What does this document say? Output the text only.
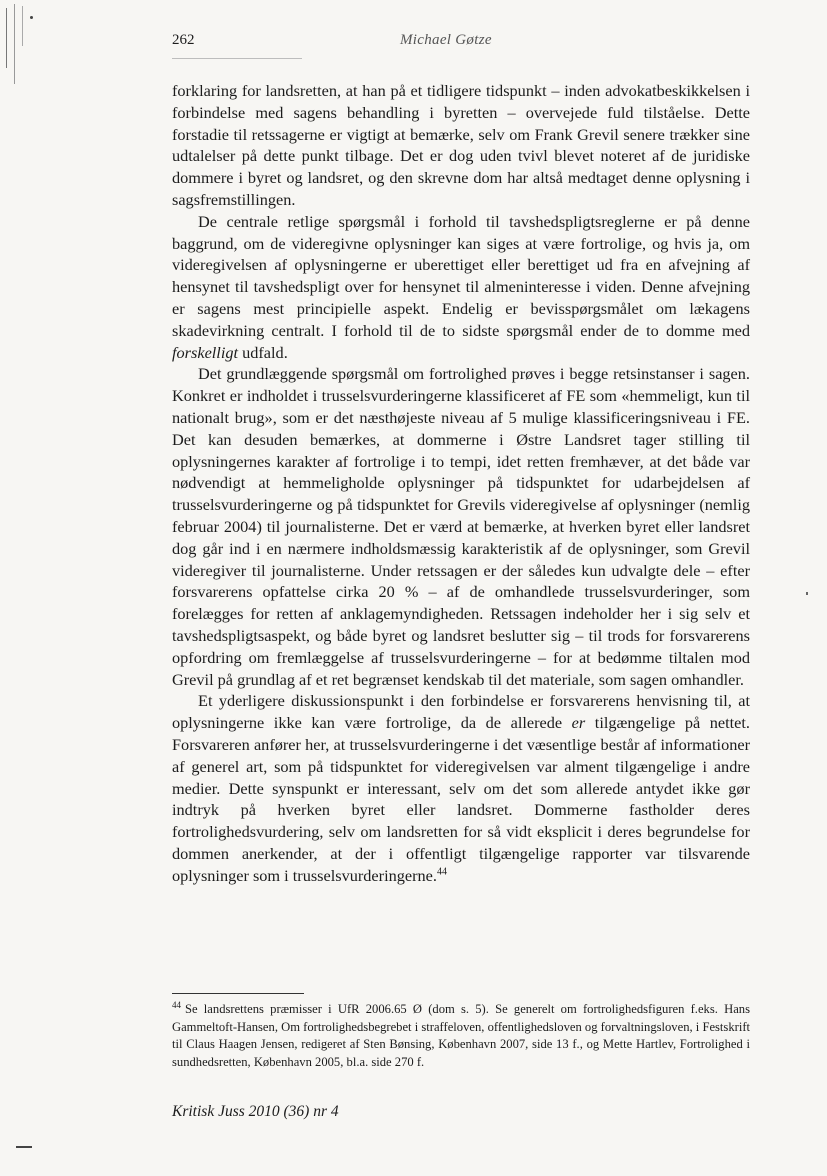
262	Michael Gøtze

forklaring for landsretten, at han på et tidligere tidspunkt – inden advokatbeskikkelsen i forbindelse med sagens behandling i byretten – overvejede fuld tilståelse. Dette forstadie til retssagerne er vigtigt at bemærke, selv om Frank Grevil senere trækker sine udtalelser på dette punkt tilbage. Det er dog uden tvivl blevet noteret af de juridiske dommere i byret og landsret, og den skrevne dom har altså medtaget denne oplysning i sagsfremstillingen.

De centrale retlige spørgsmål i forhold til tavshedspligtsreglerne er på denne baggrund, om de videregivne oplysninger kan siges at være fortrolige, og hvis ja, om videregivelsen af oplysningerne er uberettiget eller berettiget ud fra en afvejning af hensynet til tavshedspligt over for hensynet til almeninteresse i viden. Denne afvejning er sagens mest principielle aspekt. Endelig er bevisspørgsmålet om lækagens skadevirkning centralt. I forhold til de to sidste spørgsmål ender de to domme med forskelligt udfald.

Det grundlæggende spørgsmål om fortrolighed prøves i begge retsinstanser i sagen. Konkret er indholdet i trusselsvurderingerne klassificeret af FE som «hemmeligt, kun til nationalt brug», som er det næsthøjeste niveau af 5 mulige klassificeringsniveau i FE. Det kan desuden bemærkes, at dommerne i Østre Landsret tager stilling til oplysningernes karakter af fortrolige i to tempi, idet retten fremhæver, at det både var nødvendigt at hemmeligholde oplysninger på tidspunktet for udarbejdelsen af trusselsvurderingerne og på tidspunktet for Grevils videregivelse af oplysninger (nemlig februar 2004) til journalisterne. Det er værd at bemærke, at hverken byret eller landsret dog går ind i en nærmere indholdsmæssig karakteristik af de oplysninger, som Grevil videregiver til journalisterne. Under retssagen er der således kun udvalgte dele – efter forsvarerens opfattelse cirka 20 % – af de omhandlede trusselsvurderinger, som forelægges for retten af anklagemyndigheden. Retssagen indeholder her i sig selv et tavshedspligtsaspekt, og både byret og landsret beslutter sig – til trods for forsvarerens opfordring om fremlæggelse af trusselsvurderingerne – for at bedømme tiltalen mod Grevil på grundlag af et ret begrænset kendskab til det materiale, som sagen omhandler.

Et yderligere diskussionspunkt i den forbindelse er forsvarerens henvisning til, at oplysningerne ikke kan være fortrolige, da de allerede er tilgængelige på nettet. Forsvareren anfører her, at trusselsvurderingerne i det væsentlige består af informationer af generel art, som på tidspunktet for videregivelsen var alment tilgængelige i andre medier. Dette synspunkt er interessant, selv om det som allerede antydet ikke gør indtryk på hverken byret eller landsret. Dommerne fastholder deres fortrolighedsvurdering, selv om landsretten for så vidt eksplicit i deres begrundelse for dommen anerkender, at der i offentligt tilgængelige rapporter var tilsvarende oplysninger som i trusselsvurderingerne.$^{44}$

$^{44}$ Se landsrettens præmisser i UfR 2006.65 Ø (dom s. 5). Se generelt om fortrolighedsfiguren f.eks. Hans Gammeltoft-Hansen, Om fortrolighedsbegrebet i straffeloven, offentlighedsloven og forvaltningsloven, i Festskrift til Claus Haagen Jensen, redigeret af Sten Bønsing, København 2007, side 13 f., og Mette Hartlev, Fortrolighed i sundhedsretten, København 2005, bl.a. side 270 f.

Kritisk Juss 2010 (36) nr 4
